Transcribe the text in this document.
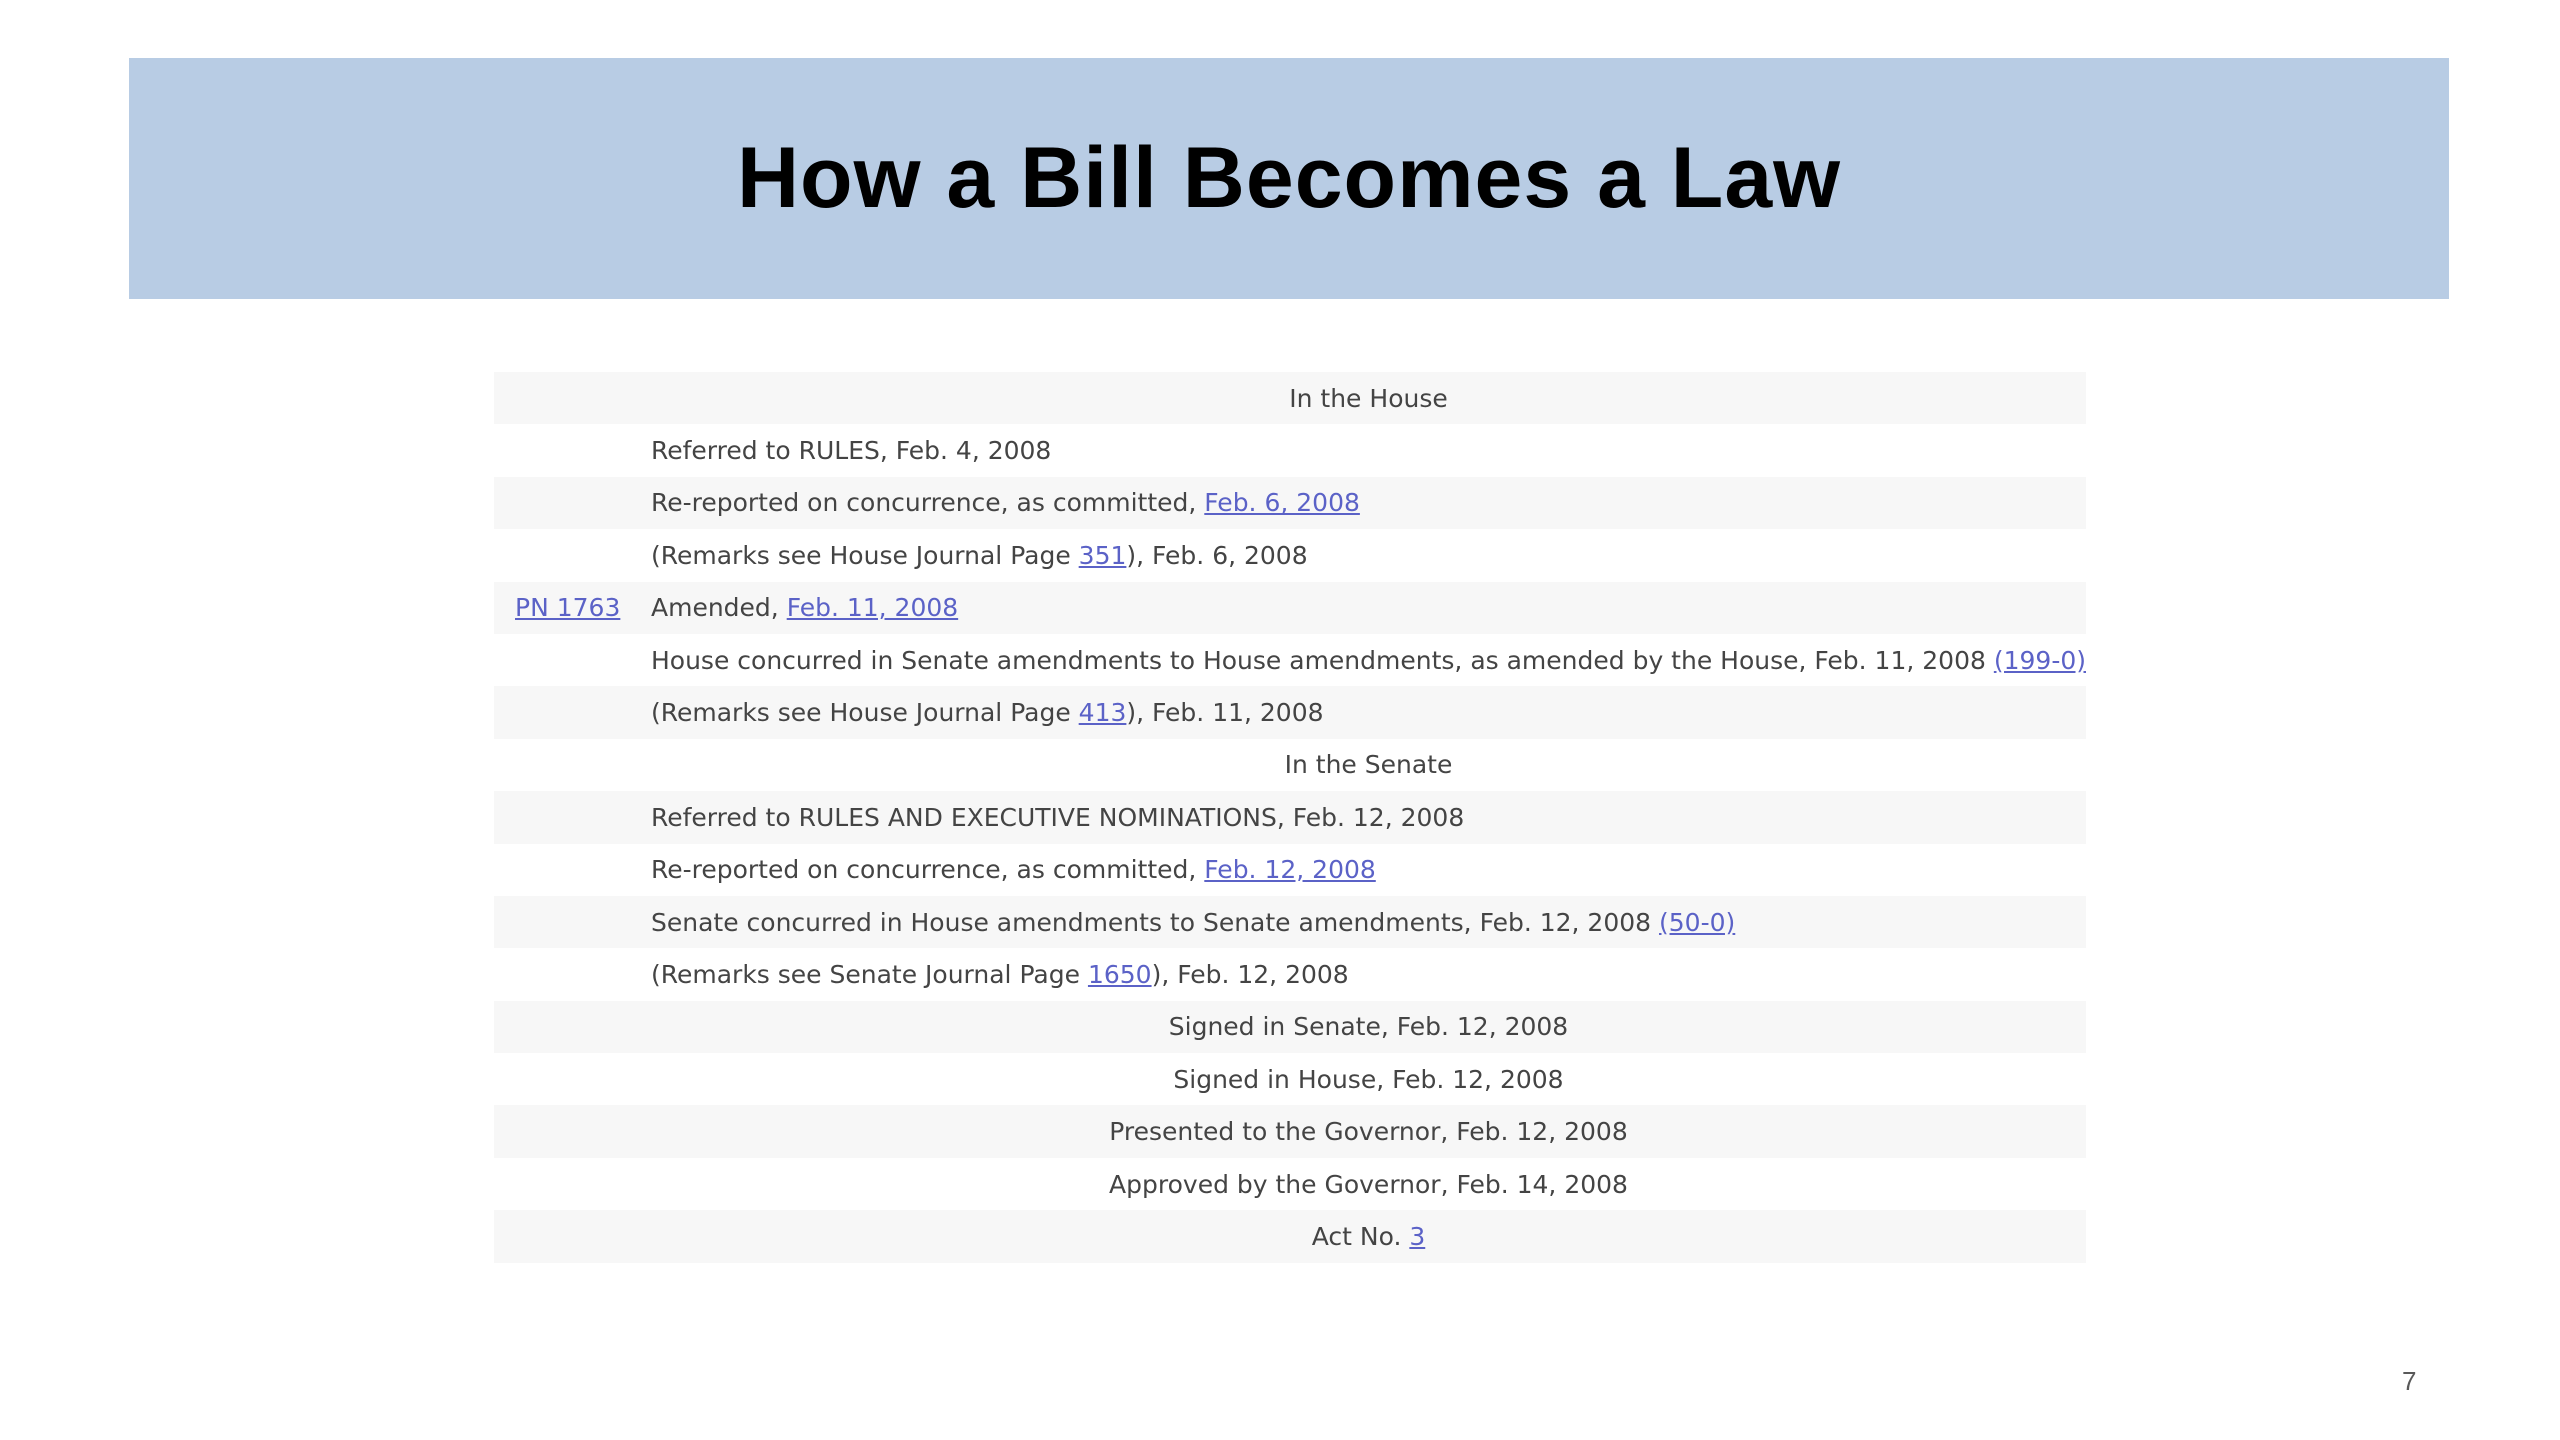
How a Bill Becomes a Law
	In the House
	Referred to RULES, Feb. 4, 2008
	Re-reported on concurrence, as committed, Feb. 6, 2008
	(Remarks see House Journal Page 351), Feb. 6, 2008
PN 1763	Amended, Feb. 11, 2008
	House concurred in Senate amendments to House amendments, as amended by the House, Feb. 11, 2008 (199-0)
	(Remarks see House Journal Page 413), Feb. 11, 2008
	In the Senate
	Referred to RULES AND EXECUTIVE NOMINATIONS, Feb. 12, 2008
	Re-reported on concurrence, as committed, Feb. 12, 2008
	Senate concurred in House amendments to Senate amendments, Feb. 12, 2008 (50-0)
	(Remarks see Senate Journal Page 1650), Feb. 12, 2008
	Signed in Senate, Feb. 12, 2008
	Signed in House, Feb. 12, 2008
	Presented to the Governor, Feb. 12, 2008
	Approved by the Governor, Feb. 14, 2008
	Act No. 3
7
